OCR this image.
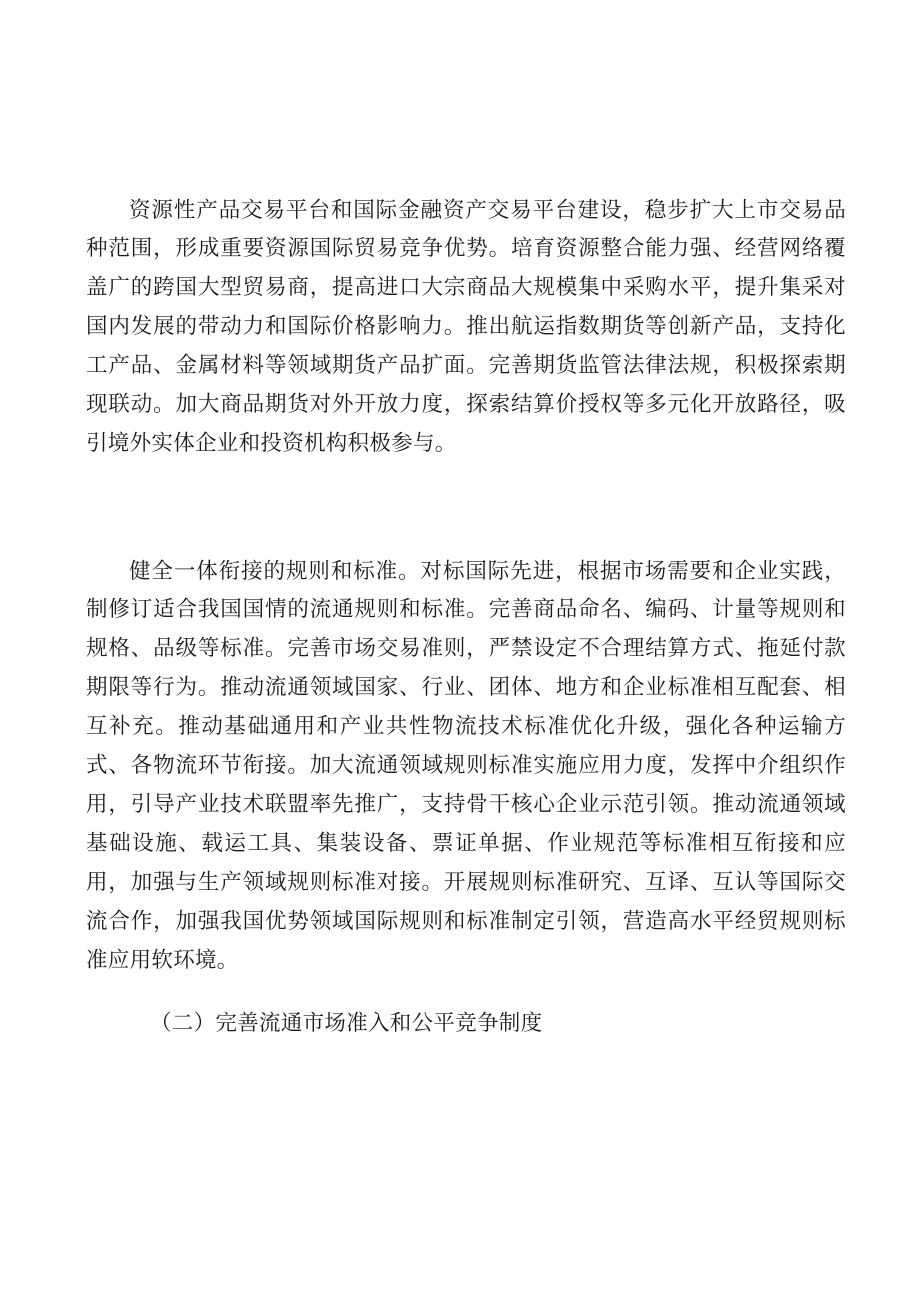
资源性产品交易平台和国际金融资产交易平台建设，稳步扩大上市交易品种范围，形成重要资源国际贸易竞争优势。培育资源整合能力强、经营网络覆盖广的跨国大型贸易商，提高进口大宗商品大规模集中采购水平，提升集采对国内发展的带动力和国际价格影响力。推出航运指数期货等创新产品，支持化工产品、金属材料等领域期货产品扩面。完善期货监管法律法规，积极探索期现联动。加大商品期货对外开放力度，探索结算价授权等多元化开放路径，吸引境外实体企业和投资机构积极参与。

健全一体衔接的规则和标准。对标国际先进，根据市场需要和企业实践，制修订适合我国国情的流通规则和标准。完善商品命名、编码、计量等规则和规格、品级等标准。完善市场交易准则，严禁设定不合理结算方式、拖延付款期限等行为。推动流通领域国家、行业、团体、地方和企业标准相互配套、相互补充。推动基础通用和产业共性物流技术标准优化升级，强化各种运输方式、各物流环节衔接。加大流通领域规则标准实施应用力度，发挥中介组织作用，引导产业技术联盟率先推广，支持骨干核心企业示范引领。推动流通领域基础设施、载运工具、集装设备、票证单据、作业规范等标准相互衔接和应用，加强与生产领域规则标准对接。开展规则标准研究、互译、互认等国际交流合作，加强我国优势领域国际规则和标准制定引领，营造高水平经贸规则标准应用软环境。

（二）完善流通市场准入和公平竞争制度
